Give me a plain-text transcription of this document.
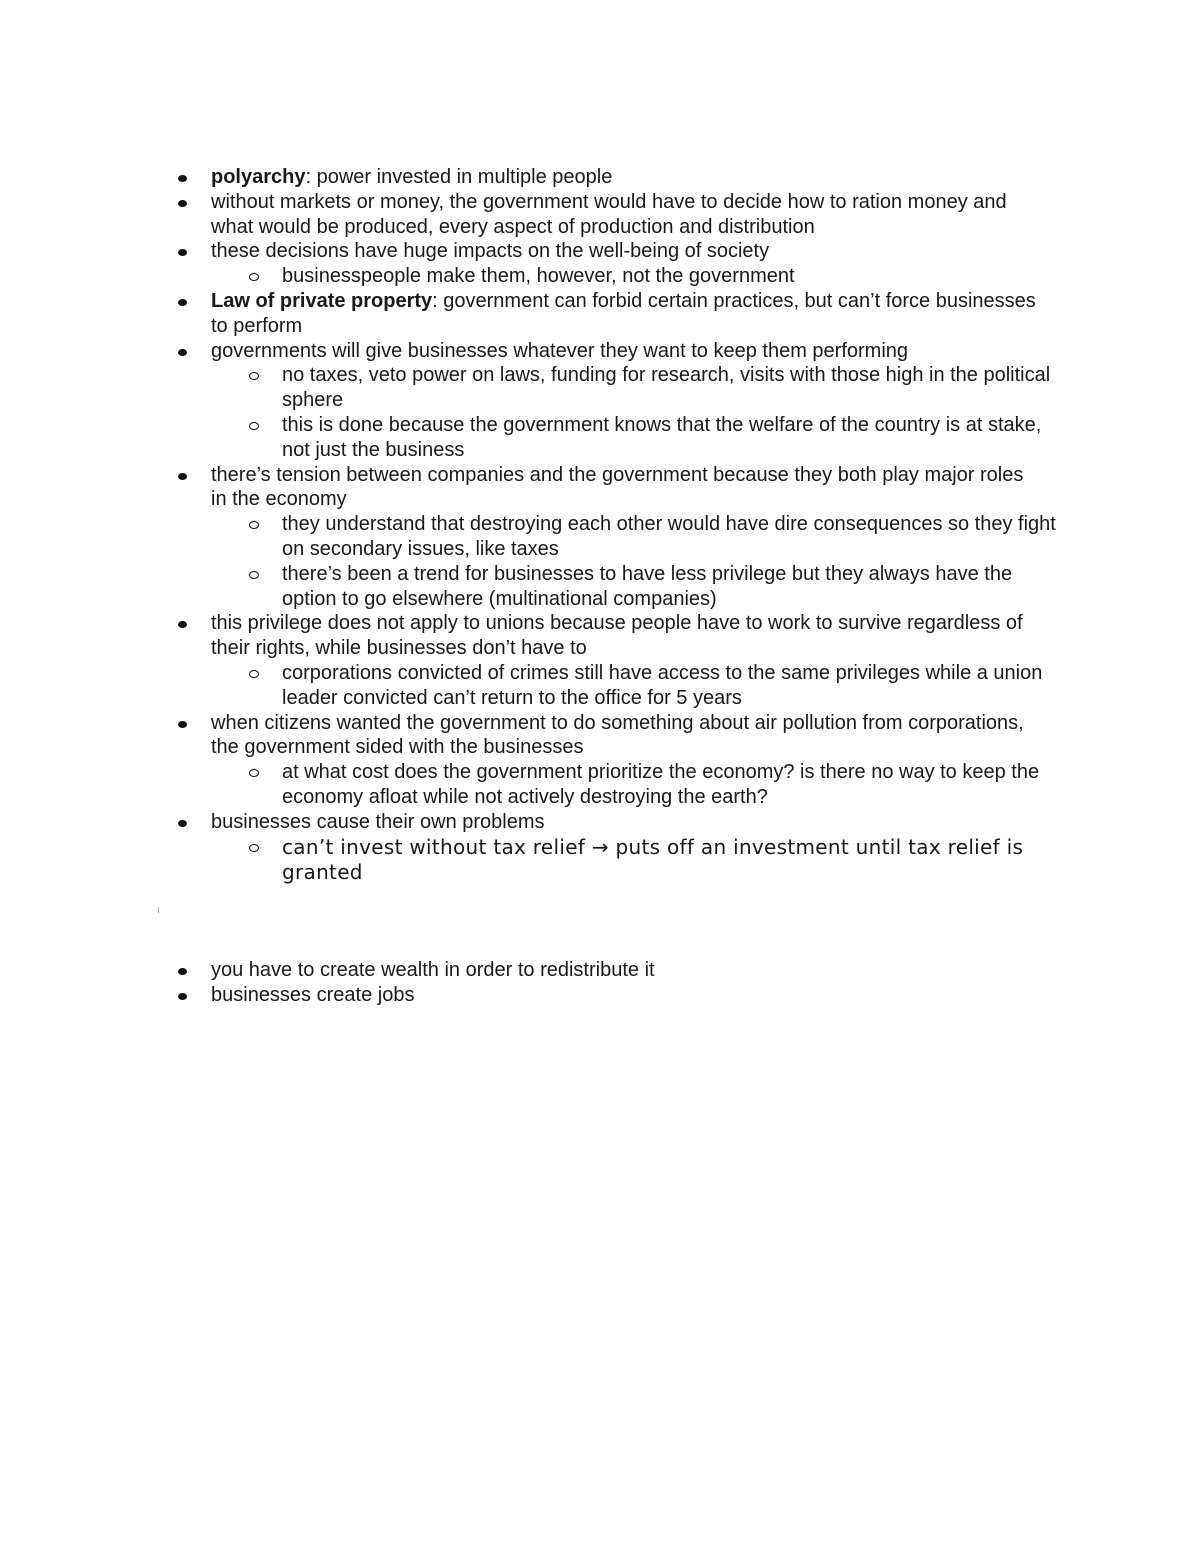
polyarchy: power invested in multiple people
without markets or money, the government would have to decide how to ration money and what would be produced, every aspect of production and distribution
these decisions have huge impacts on the well-being of society
businesspeople make them, however, not the government
Law of private property: government can forbid certain practices, but can’t force businesses to perform
governments will give businesses whatever they want to keep them performing
no taxes, veto power on laws, funding for research, visits with those high in the political sphere
this is done because the government knows that the welfare of the country is at stake, not just the business
there’s tension between companies and the government because they both play major roles in the economy
they understand that destroying each other would have dire consequences so they fight on secondary issues, like taxes
there’s been a trend for businesses to have less privilege but they always have the option to go elsewhere (multinational companies)
this privilege does not apply to unions because people have to work to survive regardless of their rights, while businesses don’t have to
corporations convicted of crimes still have access to the same privileges while a union leader convicted can’t return to the office for 5 years
when citizens wanted the government to do something about air pollution from corporations, the government sided with the businesses
at what cost does the government prioritize the economy? is there no way to keep the economy afloat while not actively destroying the earth?
businesses cause their own problems
can’t invest without tax relief → puts off an investment until tax relief is granted
you have to create wealth in order to redistribute it
businesses create jobs
